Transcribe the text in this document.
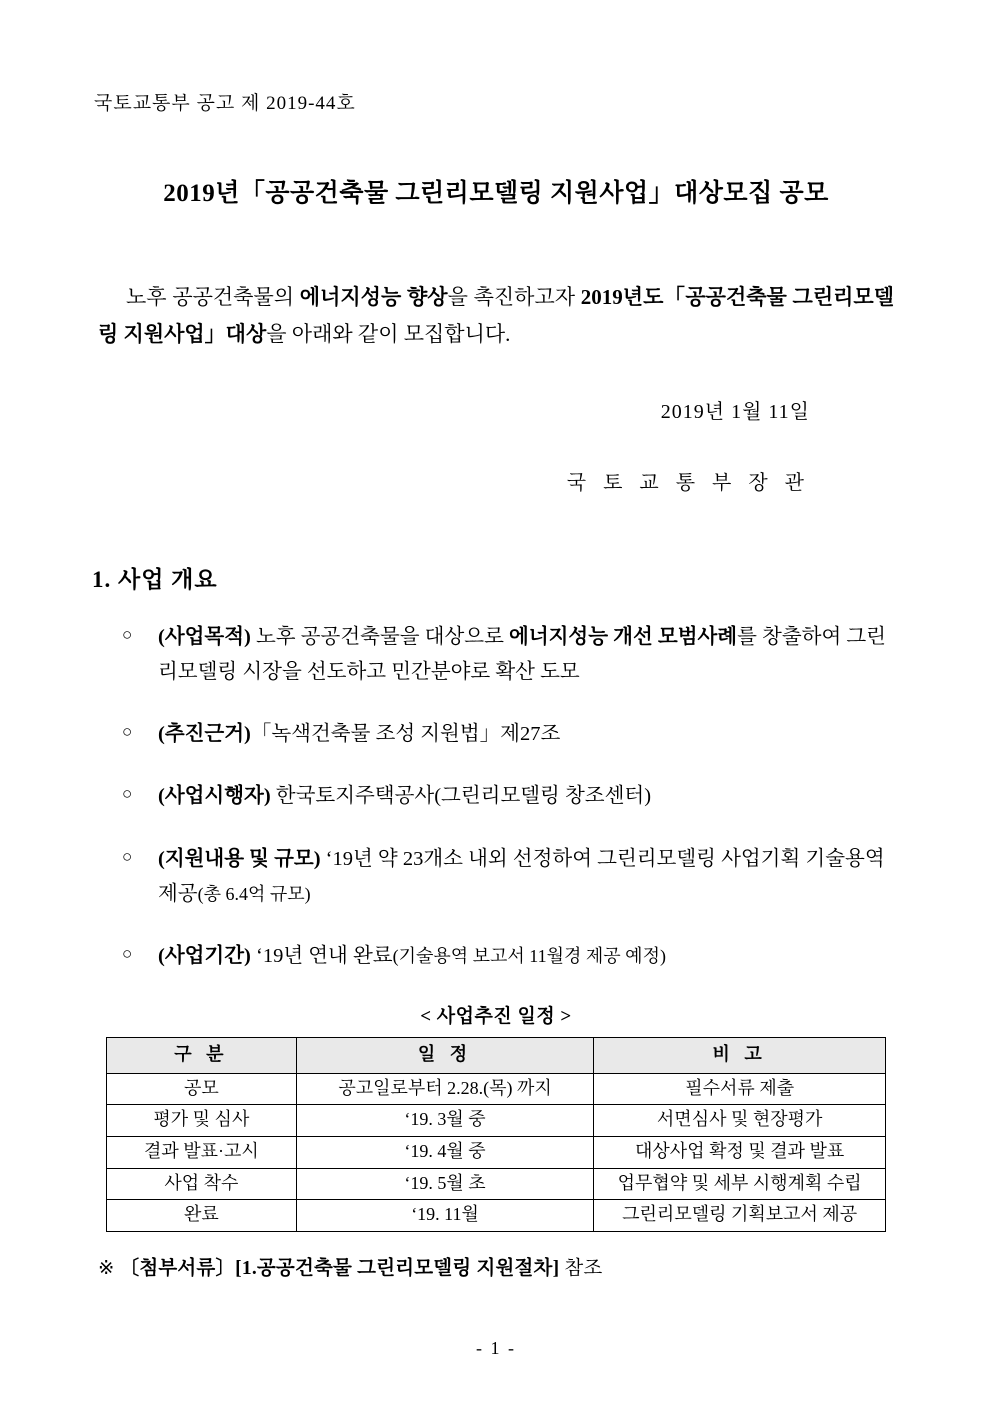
국토교통부 공고 제 2019-44호
2019년「공공건축물 그린리모델링 지원사업」대상모집 공모

노후 공공건축물의 에너지성능 향상을 촉진하고자 2019년도「공공건축물 그린리모델링 지원사업」대상을 아래와 같이 모집합니다.

2019년 1월 11일
국 토 교 통 부 장 관
1. 사업 개요
○ (사업목적) 노후 공공건축물을 대상으로 에너지성능 개선 모범사례를 창출하여 그린리모델링 시장을 선도하고 민간분야로 확산 도모
○ (추진근거)「녹색건축물 조성 지원법」제27조
○ (사업시행자) 한국토지주택공사(그린리모델링 창조센터)
○ (지원내용 및 규모) ‘19년 약 23개소 내외 선정하여 그린리모델링 사업기획 기술용역 제공(총 6.4억 규모)
○ (사업기간) ‘19년 연내 완료(기술용역 보고서 11월경 제공 예정)
< 사업추진 일정 >
구 분	일 정	비 고
공모	공고일로부터 2.28.(목) 까지	필수서류 제출
평가 및 심사	‘19. 3월 중	서면심사 및 현장평가
결과 발표·고시	‘19. 4월 중	대상사업 확정 및 결과 발표
사업 착수	‘19. 5월 초	업무협약 및 세부 시행계획 수립
완료	‘19. 11월	그린리모델링 기획보고서 제공
※ 〔첨부서류〕[1.공공건축물 그린리모델링 지원절차] 참조
- 1 -
